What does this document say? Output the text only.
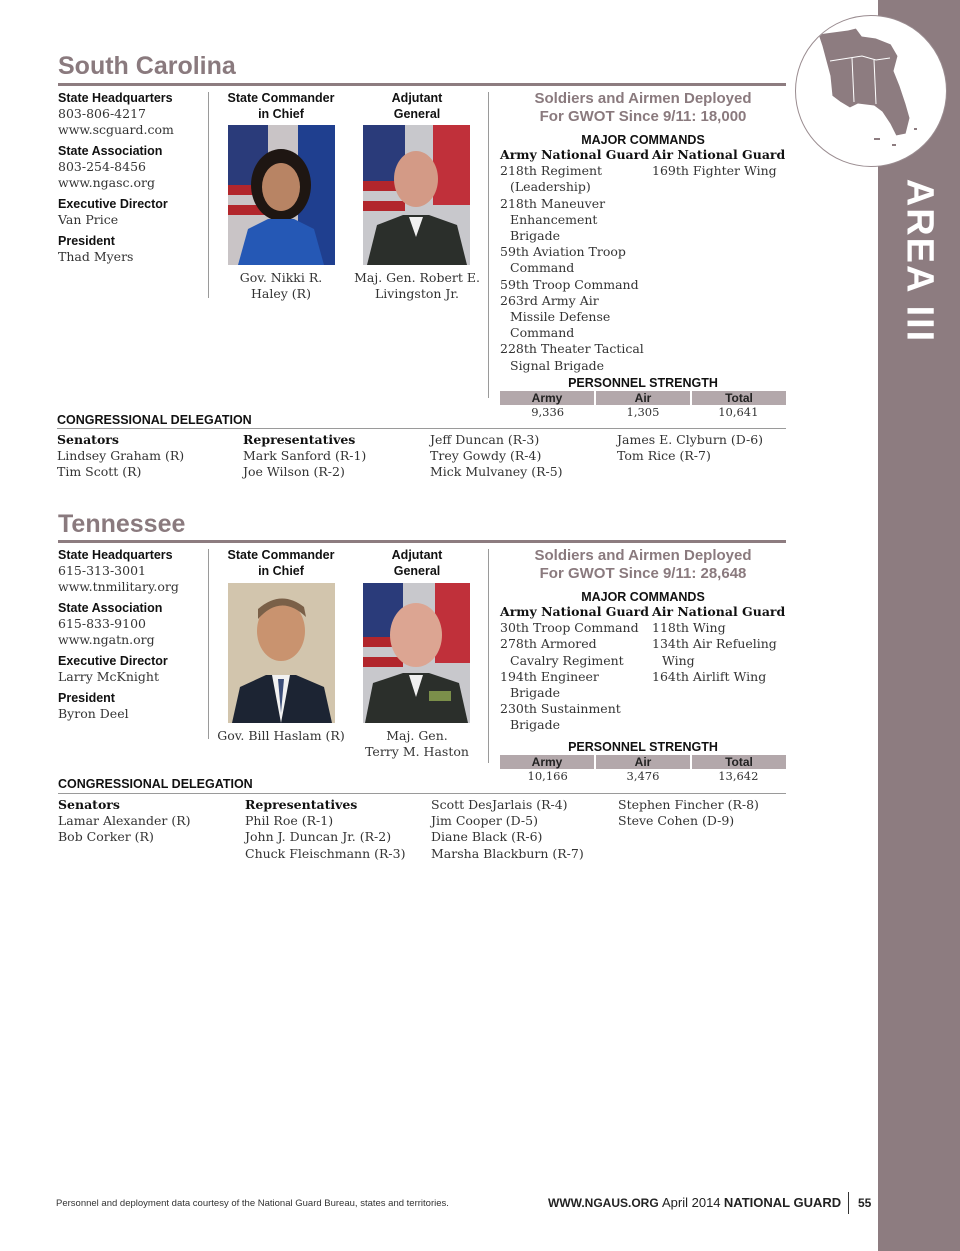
AREA III
South Carolina
State Headquarters
803-806-4217
www.scguard.com
State Association
803-254-8456
www.ngasc.org
Executive Director
Van Price
President
Thad Myers
State Commander
in Chief
Adjutant
General
Gov. Nikki R.
Haley (R)
Maj. Gen. Robert E.
Livingston Jr.
Soldiers and Airmen Deployed
For GWOT Since 9/11: 18,000
MAJOR COMMANDS
Army National Guard
218th Regiment
(Leadership)
218th Maneuver
Enhancement
Brigade
59th Aviation Troop
Command
59th Troop Command
263rd Army Air
Missile Defense
Command
228th Theater Tactical
Signal Brigade
Air National Guard
169th Fighter Wing
PERSONNEL STRENGTH
Army	Air	Total
9,336	1,305	10,641
CONGRESSIONAL DELEGATION
Senators
Lindsey Graham (R)
Tim Scott (R)
Representatives
Mark Sanford (R-1)
Joe Wilson (R-2)

Jeff Duncan (R-3)
Trey Gowdy (R-4)
Mick Mulvaney (R-5)

James E. Clyburn (D-6)
Tom Rice (R-7)
Tennessee
State Headquarters
615-313-3001
www.tnmilitary.org
State Association
615-833-9100
www.ngatn.org
Executive Director
Larry McKnight
President
Byron Deel
State Commander
in Chief
Adjutant
General
Gov. Bill Haslam (R)	Maj. Gen.
Terry M. Haston
Soldiers and Airmen Deployed
For GWOT Since 9/11: 28,648
MAJOR COMMANDS
Army National Guard
30th Troop Command
278th Armored
Cavalry Regiment
194th Engineer
Brigade
230th Sustainment
Brigade
Air National Guard
118th Wing
134th Air Refueling
Wing
164th Airlift Wing
PERSONNEL STRENGTH
Army	Air	Total
10,166	3,476	13,642
CONGRESSIONAL DELEGATION
Senators
Lamar Alexander (R)
Bob Corker (R)
Representatives
Phil Roe (R-1)
John J. Duncan Jr. (R-2)
Chuck Fleischmann (R-3)

Scott DesJarlais (R-4)
Jim Cooper (D-5)
Diane Black (R-6)
Marsha Blackburn (R-7)

Stephen Fincher (R-8)
Steve Cohen (D-9)
Personnel and deployment data courtesy of the National Guard Bureau, states and territories.	WWW.NGAUS.ORG April 2014 NATIONAL GUARD 55
